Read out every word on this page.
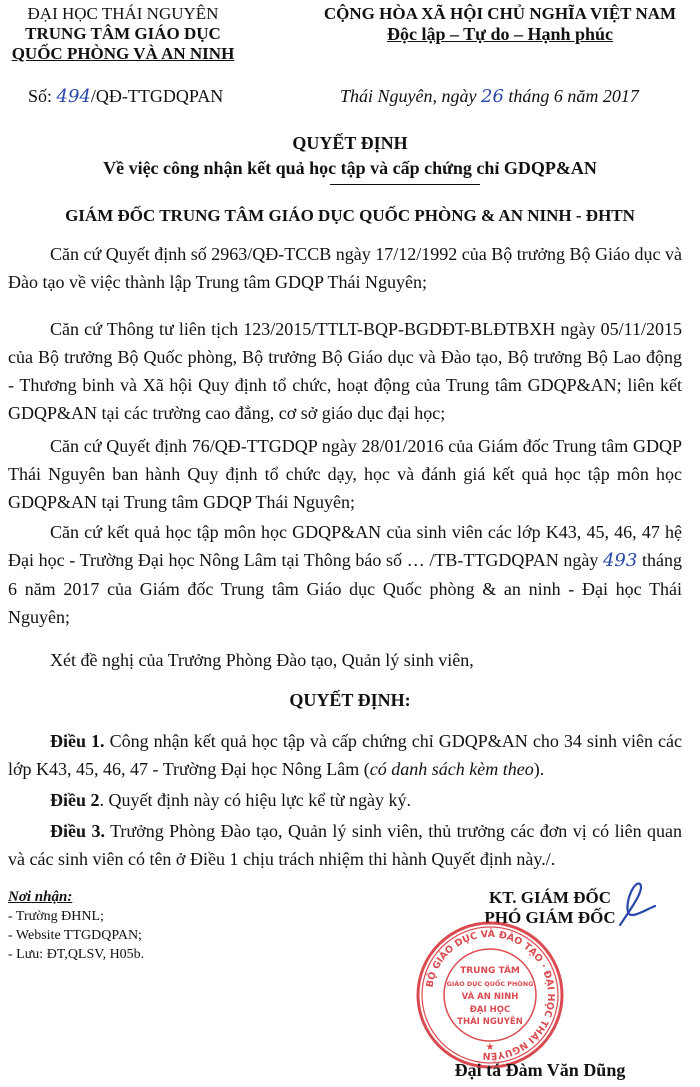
ĐẠI HỌC THÁI NGUYÊN
TRUNG TÂM GIÁO DỤC
QUỐC PHÒNG VÀ AN NINH
CỘNG HÒA XÃ HỘI CHỦ NGHĨA VIỆT NAM
Độc lập – Tự do – Hạnh phúc
Số: 494/QĐ-TTGDQPAN	Thái Nguyên, ngày 26 tháng 6 năm 2017
QUYẾT ĐỊNH
Về việc công nhận kết quả học tập và cấp chứng chỉ GDQP&AN
GIÁM ĐỐC TRUNG TÂM GIÁO DỤC QUỐC PHÒNG & AN NINH - ĐHTN
Căn cứ Quyết định số 2963/QĐ-TCCB ngày 17/12/1992 của Bộ trưởng Bộ Giáo dục và Đào tạo về việc thành lập Trung tâm GDQP Thái Nguyên;
Căn cứ Thông tư liên tịch 123/2015/TTLT-BQP-BGDĐT-BLĐTBXH ngày 05/11/2015 của Bộ trưởng Bộ Quốc phòng, Bộ trưởng Bộ Giáo dục và Đào tạo, Bộ trưởng Bộ Lao động - Thương binh và Xã hội Quy định tổ chức, hoạt động của Trung tâm GDQP&AN; liên kết GDQP&AN tại các trường cao đẳng, cơ sở giáo dục đại học;
Căn cứ Quyết định 76/QĐ-TTGDQP ngày 28/01/2016 của Giám đốc Trung tâm GDQP Thái Nguyên ban hành Quy định tổ chức dạy, học và đánh giá kết quả học tập môn học GDQP&AN tại Trung tâm GDQP Thái Nguyên;
Căn cứ kết quả học tập môn học GDQP&AN của sinh viên các lớp K43, 45, 46, 47 hệ Đại học - Trường Đại học Nông Lâm tại Thông báo số … /TB-TTGDQPAN ngày 493 tháng 6 năm 2017 của Giám đốc Trung tâm Giáo dục Quốc phòng & an ninh - Đại học Thái Nguyên;
Xét đề nghị của Trưởng Phòng Đào tạo, Quản lý sinh viên,
QUYẾT ĐỊNH:
Điều 1. Công nhận kết quả học tập và cấp chứng chỉ GDQP&AN cho 34 sinh viên các lớp K43, 45, 46, 47 - Trường Đại học Nông Lâm (có danh sách kèm theo).
Điều 2. Quyết định này có hiệu lực kể từ ngày ký.
Điều 3. Trưởng Phòng Đào tạo, Quản lý sinh viên, thủ trưởng các đơn vị có liên quan và các sinh viên có tên ở Điều 1 chịu trách nhiệm thi hành Quyết định này./.
Nơi nhận:
- Trường ĐHNL;
- Website TTGDQPAN;
- Lưu: ĐT,QLSV, H05b.
KT. GIÁM ĐỐC
PHÓ GIÁM ĐỐC
BỘ GIÁO DỤC VÀ ĐÀO TẠO · ĐẠI HỌC THÁI NGUYÊN
TRUNG TÂM
GIÁO DỤC QUỐC PHÒNG
VÀ AN NINH
ĐẠI HỌC
THÁI NGUYÊN
★
Đại tá Đàm Văn Dũng
